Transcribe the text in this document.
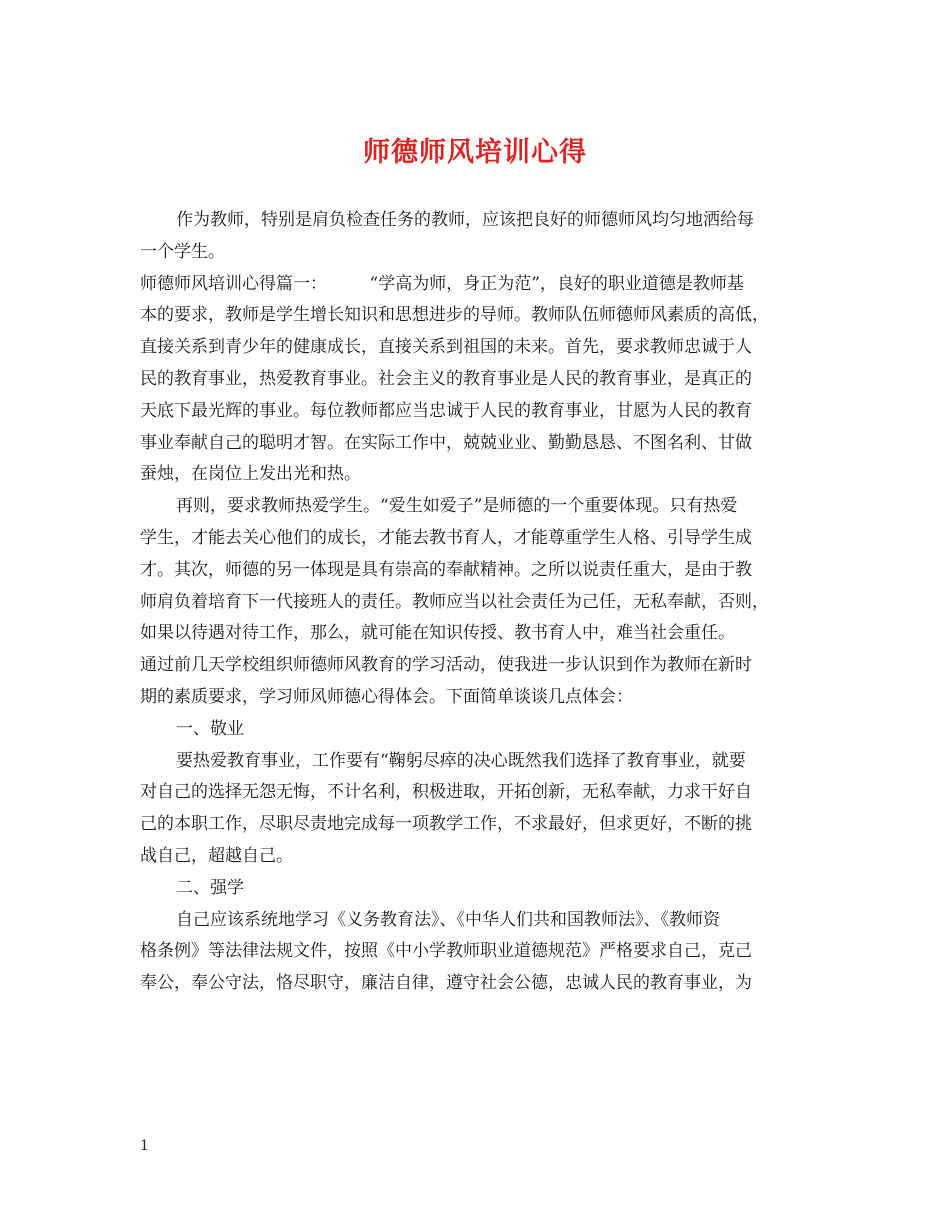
师德师风培训心得
作为教师，特别是肩负检查任务的教师，应该把良好的师德师风均匀地洒给每
一个学生。
师德师风培训心得篇一：　　　“学高为师，身正为范”，良好的职业道德是教师基
本的要求，教师是学生增长知识和思想进步的导师。教师队伍师德师风素质的高低，
直接关系到青少年的健康成长，直接关系到祖国的未来。首先，要求教师忠诚于人
民的教育事业，热爱教育事业。社会主义的教育事业是人民的教育事业，是真正的
天底下最光辉的事业。每位教师都应当忠诚于人民的教育事业，甘愿为人民的教育
事业奉献自己的聪明才智。在实际工作中，兢兢业业、勤勤恳恳、不图名利、甘做
蚕烛，在岗位上发出光和热。
再则，要求教师热爱学生。“爱生如爱子”是师德的一个重要体现。只有热爱
学生，才能去关心他们的成长，才能去教书育人，才能尊重学生人格、引导学生成
才。其次，师德的另一体现是具有崇高的奉献精神。之所以说责任重大，是由于教
师肩负着培育下一代接班人的责任。教师应当以社会责任为己任，无私奉献，否则，
如果以待遇对待工作，那么，就可能在知识传授、教书育人中，难当社会重任。
通过前几天学校组织师德师风教育的学习活动，使我进一步认识到作为教师在新时
期的素质要求，学习师风师德心得体会。下面简单谈谈几点体会：
一、敬业
要热爱教育事业，工作要有“鞠躬尽瘁的决心既然我们选择了教育事业，就要
对自己的选择无怨无悔，不计名利，积极进取，开拓创新，无私奉献，力求干好自
己的本职工作，尽职尽责地完成每一项教学工作，不求最好，但求更好，不断的挑
战自己，超越自己。
二、强学
自己应该系统地学习《义务教育法》、《中华人们共和国教师法》、《教师资
格条例》等法律法规文件，按照《中小学教师职业道德规范》严格要求自己，克己
奉公，奉公守法，恪尽职守，廉洁自律，遵守社会公德，忠诚人民的教育事业，为
1
